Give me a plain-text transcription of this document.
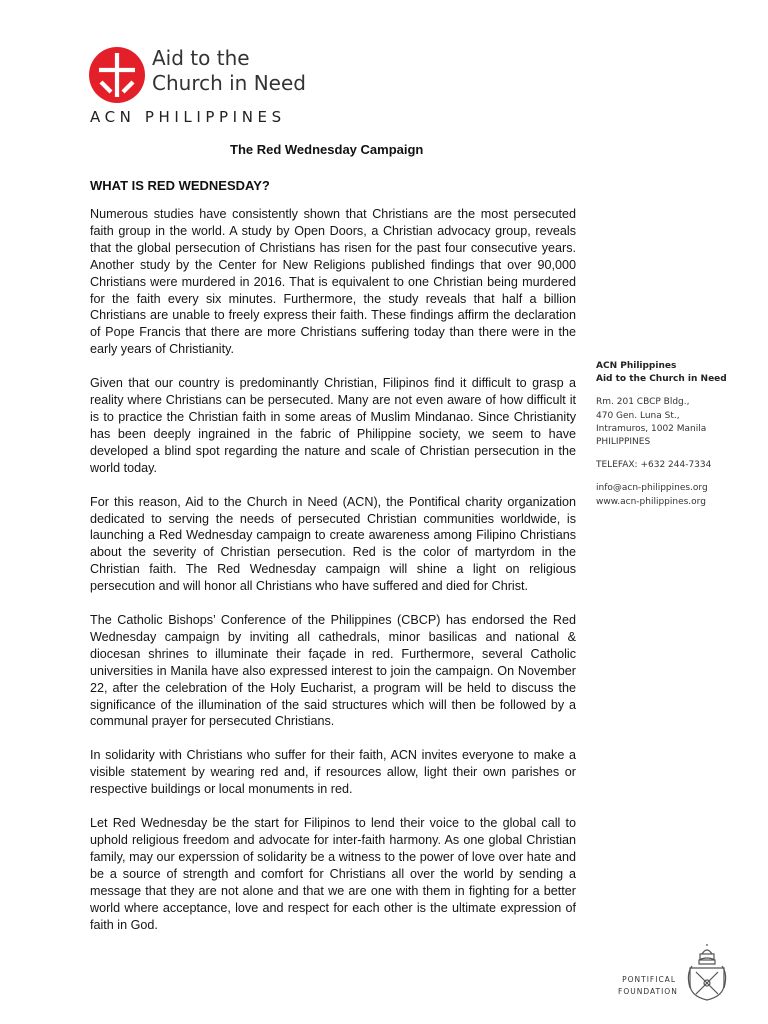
Aid to the
Church in Need
ACN PHILIPPINES
The Red Wednesday Campaign
WHAT IS RED WEDNESDAY?

Numerous studies have consistently shown that Christians are the most persecuted faith group in the world. A study by Open Doors, a Christian advocacy group, reveals that the global persecution of Christians has risen for the past four consecutive years. Another study by the Center for New Religions published findings that over 90,000 Christians were murdered in 2016. That is equivalent to one Christian being murdered for the faith every six minutes. Furthermore, the study reveals that half a billion Christians are unable to freely express their faith. These findings affirm the declaration of Pope Francis that there are more Christians suffering today than there were in the early years of Christianity.

Given that our country is predominantly Christian, Filipinos find it difficult to grasp a reality where Christians can be persecuted. Many are not even aware of how difficult it is to practice the Christian faith in some areas of Muslim Mindanao. Since Christianity has been deeply ingrained in the fabric of Philippine society, we seem to have developed a blind spot regarding the nature and scale of Christian persecution in the world today.

For this reason, Aid to the Church in Need (ACN), the Pontifical charity organization dedicated to serving the needs of persecuted Christian communities worldwide, is launching a Red Wednesday campaign to create awareness among Filipino Christians about the severity of Christian persecution. Red is the color of martyrdom in the Christian faith. The Red Wednesday campaign will shine a light on religious persecution and will honor all Christians who have suffered and died for Christ.

The Catholic Bishops’ Conference of the Philippines (CBCP) has endorsed the Red Wednesday campaign by inviting all cathedrals, minor basilicas and national & diocesan shrines to illuminate their façade in red. Furthermore, several Catholic universities in Manila have also expressed interest to join the campaign. On November 22, after the celebration of the Holy Eucharist, a program will be held to discuss the significance of the illumination of the said structures which will then be followed by a communal prayer for persecuted Christians.

In solidarity with Christians who suffer for their faith, ACN invites everyone to make a visible statement by wearing red and, if resources allow, light their own parishes or respective buildings or local monuments in red.

Let Red Wednesday be the start for Filipinos to lend their voice to the global call to uphold religious freedom and advocate for inter-faith harmony. As one global Christian family, may our experssion of solidarity be a witness to the power of love over hate and be a source of strength and comfort for Christians all over the world by sending a message that they are not alone and that we are one with them in fighting for a better world where acceptance, love and respect for each other is the ultimate expression of faith in God.

ACN Philippines
Aid to the Church in Need
Rm. 201 CBCP Bldg.,
470 Gen. Luna St.,
Intramuros, 1002 Manila
PHILIPPINES
TELEFAX: +632 244-7334
info@acn-philippines.org
www.acn-philippines.org
PONTIFICAL
FOUNDATION
